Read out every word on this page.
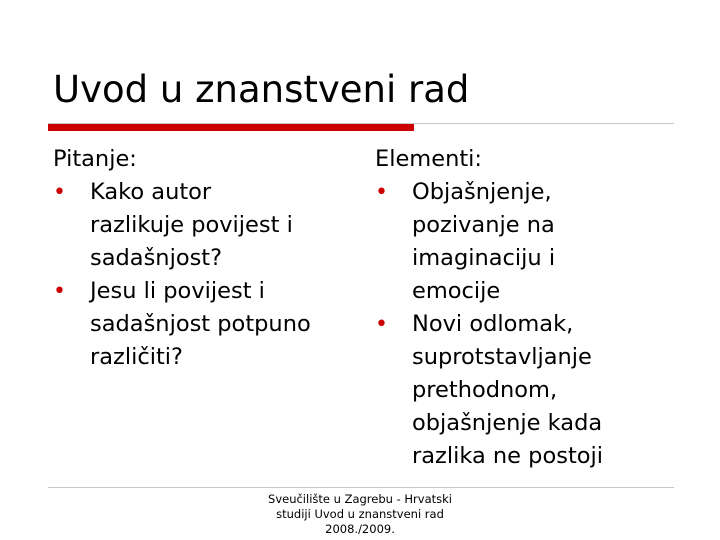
Uvod u znanstveni rad
Pitanje:
• Kako autor
razlikuje povijest i
sadašnjost?
• Jesu li povijest i
sadašnjost potpuno
različiti?
Elementi:
• Objašnjenje,
pozivanje na
imaginaciju i
emocije
• Novi odlomak,
suprotstavljanje
prethodnom,
objašnjenje kada
razlika ne postoji
Sveučilište u Zagrebu - Hrvatski
studiji Uvod u znanstveni rad
2008./2009.
